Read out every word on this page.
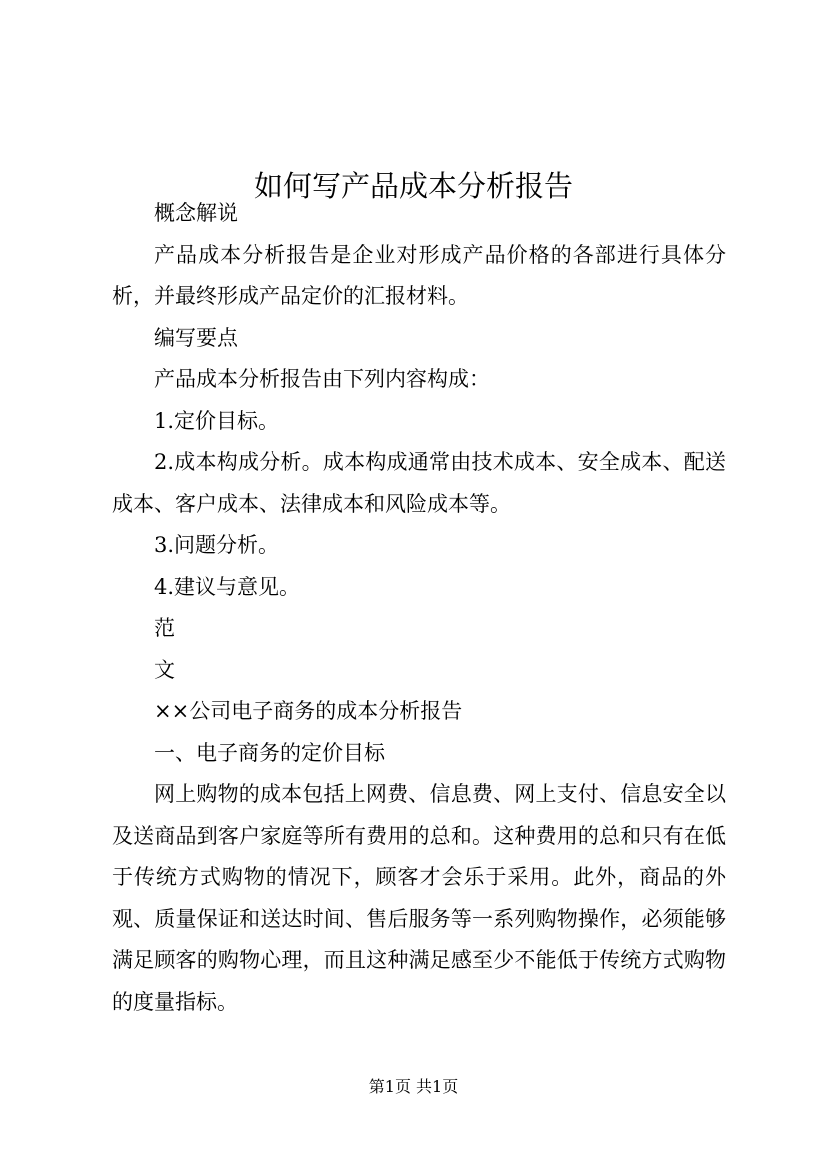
如何写产品成本分析报告

概念解说

产品成本分析报告是企业对形成产品价格的各部进行具体分析，并最终形成产品定价的汇报材料。

编写要点

产品成本分析报告由下列内容构成：

1.定价目标。

2.成本构成分析。成本构成通常由技术成本、安全成本、配送成本、客户成本、法律成本和风险成本等。

3.问题分析。

4.建议与意见。

范

文

××公司电子商务的成本分析报告

一、电子商务的定价目标

网上购物的成本包括上网费、信息费、网上支付、信息安全以及送商品到客户家庭等所有费用的总和。这种费用的总和只有在低于传统方式购物的情况下，顾客才会乐于采用。此外，商品的外观、质量保证和送达时间、售后服务等一系列购物操作，必须能够满足顾客的购物心理，而且这种满足感至少不能低于传统方式购物的度量指标。

第1页 共1页
